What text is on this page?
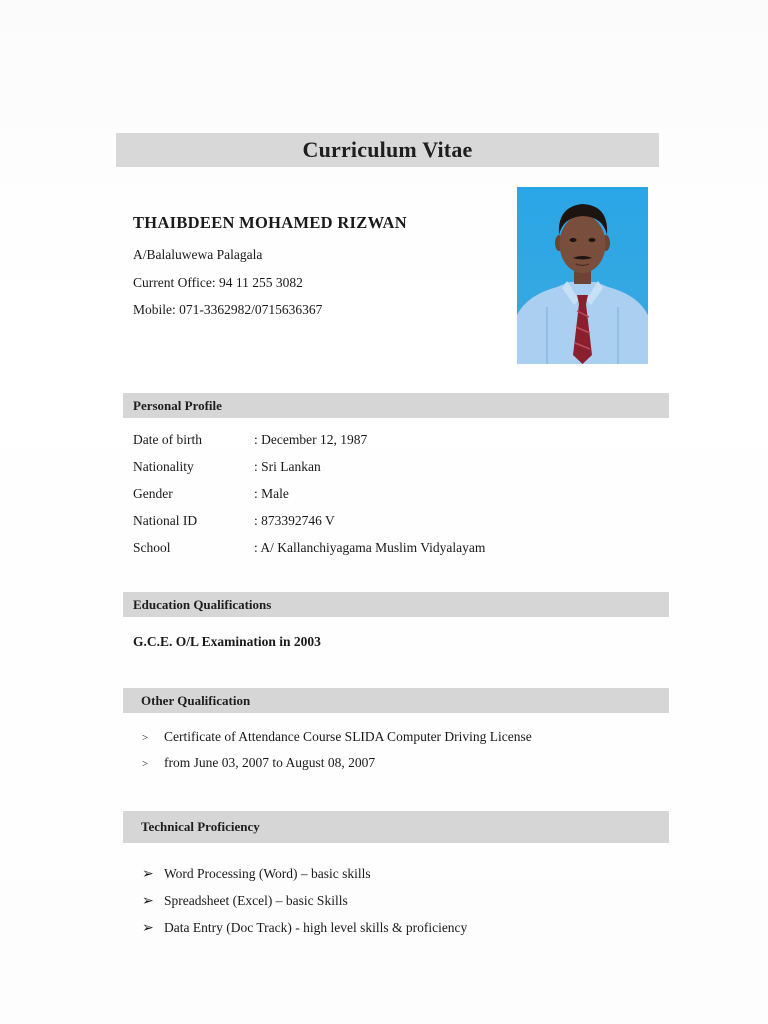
Curriculum Vitae
THAIBDEEN MOHAMED RIZWAN
A/Balaluwewa Palagala
Current Office: 94 11 255 3082
Mobile: 071-3362982/0715636367
Personal Profile
Date of birth	: December 12, 1987
Nationality	: Sri Lankan
Gender	: Male
National ID	: 873392746 V
School	: A/ Kallanchiyagama Muslim Vidyalayam
Education Qualifications
G.C.E. O/L Examination in 2003
Other Qualification
> Certificate of Attendance Course SLIDA Computer Driving License
> from June 03, 2007 to August 08, 2007
Technical Proficiency
➢ Word Processing (Word) – basic skills
➢ Spreadsheet (Excel) – basic Skills
➢ Data Entry (Doc Track) - high level skills & proficiency
